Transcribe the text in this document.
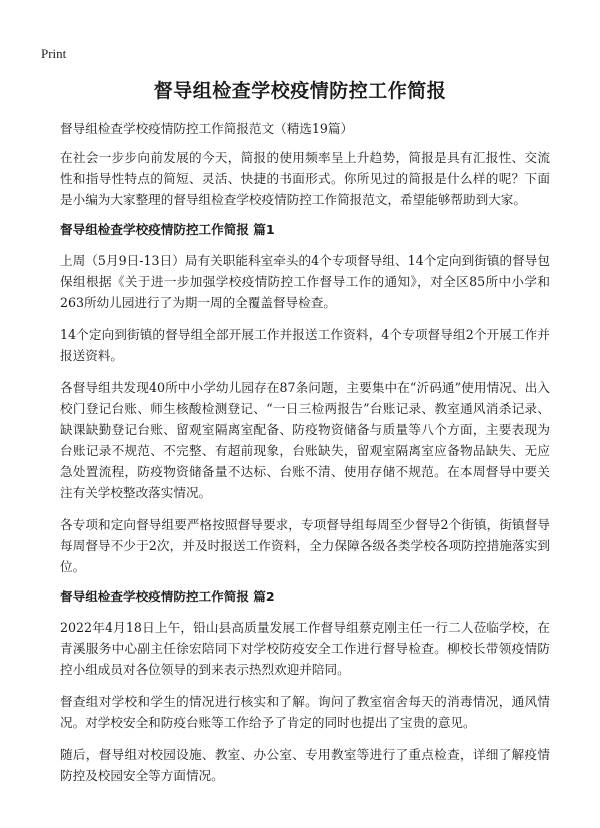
Print
督导组检查学校疫情防控工作简报
督导组检查学校疫情防控工作简报范文（精选19篇）

在社会一步步向前发展的今天，简报的使用频率呈上升趋势，简报是具有汇报性、交流性和指导性特点的简短、灵活、快捷的书面形式。你所见过的简报是什么样的呢？下面是小编为大家整理的督导组检查学校疫情防控工作简报范文，希望能够帮助到大家。

督导组检查学校疫情防控工作简报 篇1

上周（5月9日-13日）局有关职能科室牵头的4个专项督导组、14个定向到街镇的督导包保组根据《关于进一步加强学校疫情防控工作督导工作的通知》，对全区85所中小学和263所幼儿园进行了为期一周的全覆盖督导检查。

14个定向到街镇的督导组全部开展工作并报送工作资料，4个专项督导组2个开展工作并报送资料。

各督导组共发现40所中小学幼儿园存在87条问题，主要集中在“沂码通”使用情况、出入校门登记台账、师生核酸检测登记、“一日三检两报告”台账记录、教室通风消杀记录、缺课缺勤登记台账、留观室隔离室配备、防疫物资储备与质量等八个方面，主要表现为台账记录不规范、不完整、有超前现象，台账缺失，留观室隔离室应备物品缺失、无应急处置流程，防疫物资储备量不达标、台账不清、使用存储不规范。在本周督导中要关注有关学校整改落实情况。

各专项和定向督导组要严格按照督导要求，专项督导组每周至少督导2个街镇，街镇督导每周督导不少于2次，并及时报送工作资料，全力保障各级各类学校各项防控措施落实到位。

督导组检查学校疫情防控工作简报 篇2

2022年4月18日上午，铅山县高质量发展工作督导组蔡克刚主任一行二人莅临学校，在青溪服务中心副主任徐宏陪同下对学校防疫安全工作进行督导检查。柳校长带领疫情防控小组成员对各位领导的到来表示热烈欢迎并陪同。

督查组对学校和学生的情况进行核实和了解。询问了教室宿舍每天的消毒情况，通风情况。对学校安全和防疫台账等工作给予了肯定的同时也提出了宝贵的意见。

随后，督导组对校园设施、教室、办公室、专用教室等进行了重点检查，详细了解疫情防控及校园安全等方面情况。
